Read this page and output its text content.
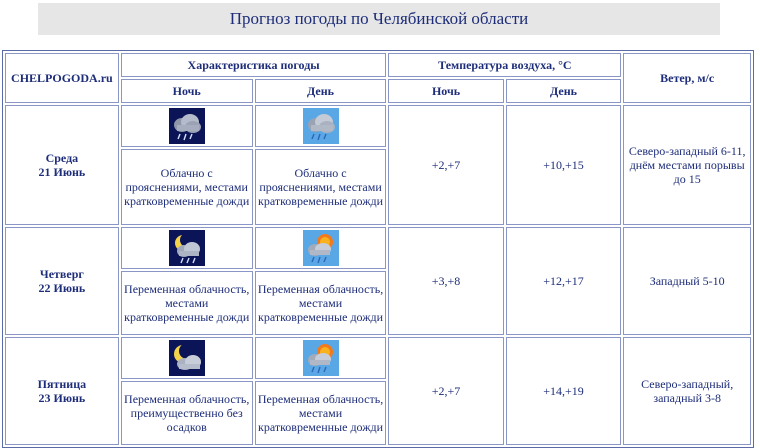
Прогноз погоды по Челябинской области
CHELPOGODA.ru	Характеристика погоды		Температура воздуха, °C		Ветер, м/с
	Ночь	День	Ночь	День	

Среда
21 Июнь			+2,+7	+10,+15	Северо-западный 6-11, днём местами порывы до 15
	Облачно с прояснениями, местами кратковременные дожди	Облачно с прояснениями, местами кратковременные дожди			

Четверг
22 Июнь			+3,+8	+12,+17	Западный 5-10
	Переменная облачность, местами кратковременные дожди	Переменная облачность, местами кратковременные дожди			

Пятница
23 Июнь			+2,+7	+14,+19	Северо-западный, западный 3-8
	Переменная облачность, преимущественно без осадков	Переменная облачность, местами кратковременные дожди			
